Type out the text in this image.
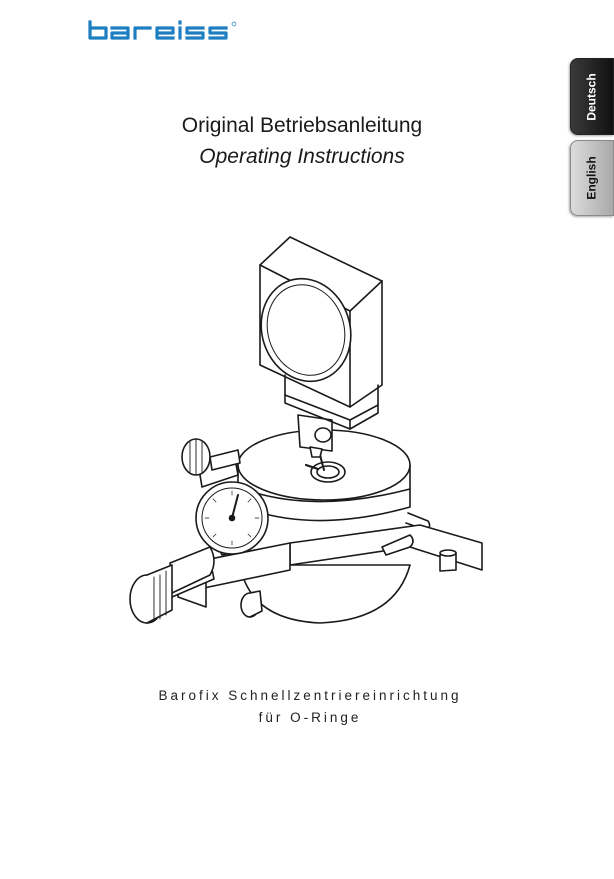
Original Betriebsanleitung
Operating Instructions
Deutsch
English
Barofix Schnellzentriereinrichtung
für O-Ringe
